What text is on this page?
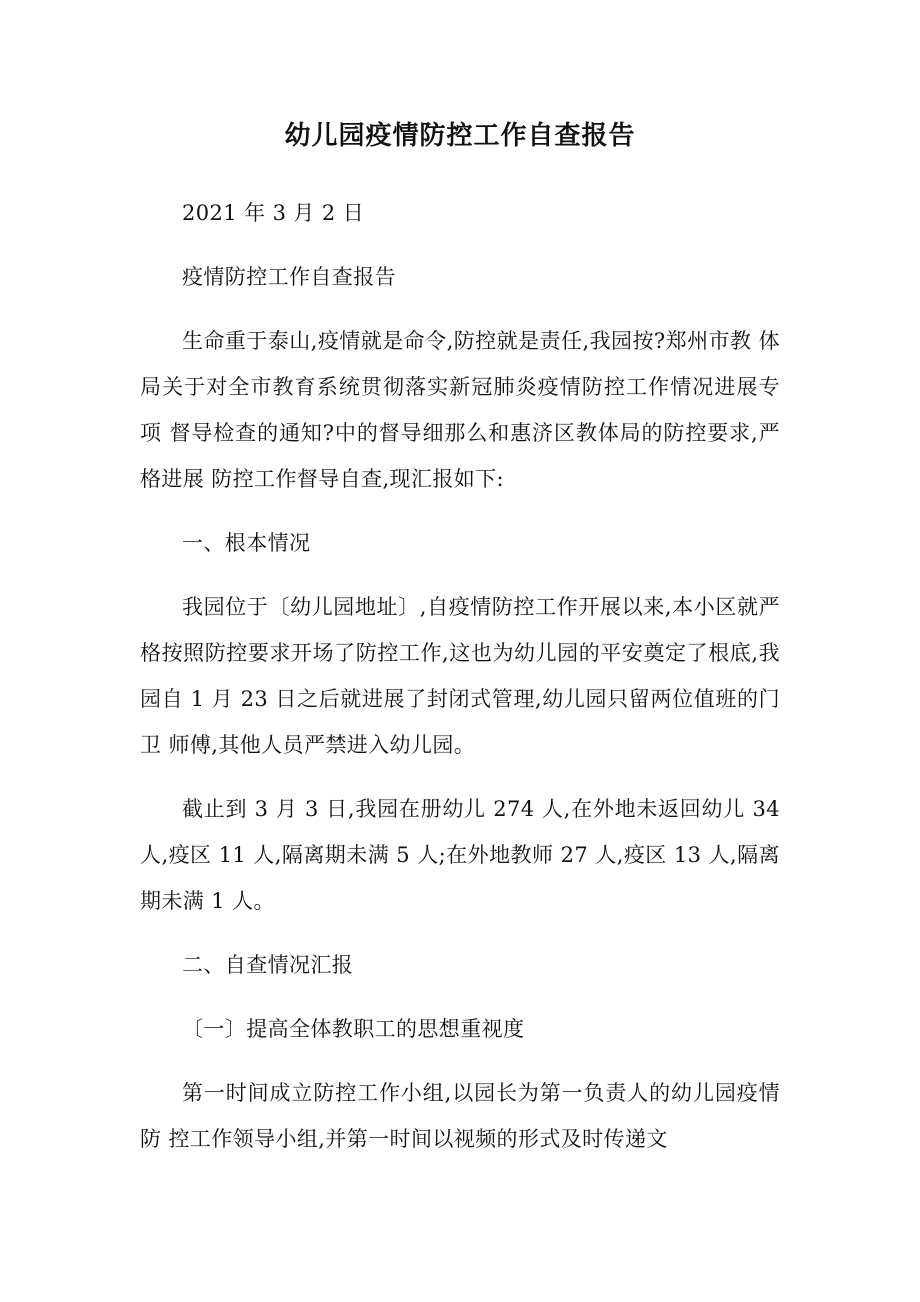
幼儿园疫情防控工作自查报告

2021 年 3 月 2 日

疫情防控工作自查报告

生命重于泰山,疫情就是命令,防控就是责任,我园按?郑州市教 体局关于对全市教育系统贯彻落实新冠肺炎疫情防控工作情况进展专项 督导检查的通知?中的督导细那么和惠济区教体局的防控要求,严格进展 防控工作督导自查,现汇报如下:

一、根本情况

我园位于〔幼儿园地址〕,自疫情防控工作开展以来,本小区就严 格按照防控要求开场了防控工作,这也为幼儿园的平安奠定了根底,我 园自 1 月 23 日之后就进展了封闭式管理,幼儿园只留两位值班的门卫 师傅,其他人员严禁进入幼儿园。

截止到 3 月 3 日,我园在册幼儿 274 人,在外地未返回幼儿 34 人,疫区 11 人,隔离期未满 5 人;在外地教师 27 人,疫区 13 人,隔离期未满 1 人。

二、自查情况汇报

〔一〕提高全体教职工的思想重视度

第一时间成立防控工作小组,以园长为第一负责人的幼儿园疫情防 控工作领导小组,并第一时间以视频的形式及时传递文
